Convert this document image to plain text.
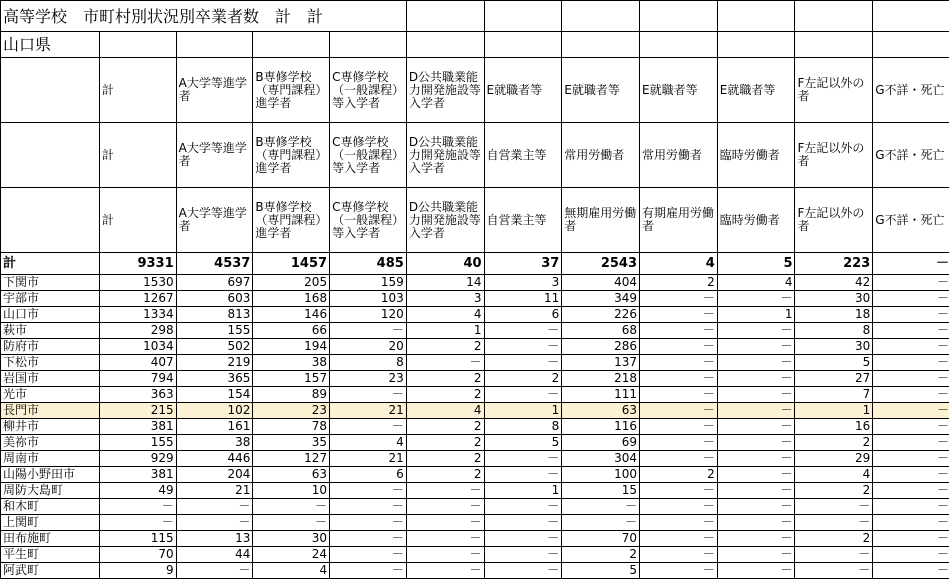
高等学校　市町村別状況別卒業者数　計　計											
山口県											
	計	A大学等進学者	B専修学校（専門課程）進学者	C専修学校（一般課程）等入学者	D公共職業能力開発施設等入学者	E就職者等	E就職者等	E就職者等	E就職者等	F左記以外の者	G不詳・死亡
	計	A大学等進学者	B専修学校（専門課程）進学者	C専修学校（一般課程）等入学者	D公共職業能力開発施設等入学者	自営業主等	常用労働者	常用労働者	臨時労働者	F左記以外の者	G不詳・死亡
	計	A大学等進学者	B専修学校（専門課程）進学者	C専修学校（一般課程）等入学者	D公共職業能力開発施設等入学者	自営業主等	無期雇用労働者	有期雇用労働者	臨時労働者	F左記以外の者	G不詳・死亡
計	9331	4537	1457	485	40	37	2543	4	5	223	－
下関市	1530	697	205	159	14	3	404	2	4	42	－
宇部市	1267	603	168	103	3	11	349	－	－	30	－
山口市	1334	813	146	120	4	6	226	－	1	18	－
萩市	298	155	66	－	1	－	68	－	－	8	－
防府市	1034	502	194	20	2	－	286	－	－	30	－
下松市	407	219	38	8	－	－	137	－	－	5	－
岩国市	794	365	157	23	2	2	218	－	－	27	－
光市	363	154	89	－	2	－	111	－	－	7	－
長門市	215	102	23	21	4	1	63	－	－	1	－
柳井市	381	161	78	－	2	8	116	－	－	16	－
美祢市	155	38	35	4	2	5	69	－	－	2	－
周南市	929	446	127	21	2	－	304	－	－	29	－
山陽小野田市	381	204	63	6	2	－	100	2	－	4	－
周防大島町	49	21	10	－	－	1	15	－	－	2	－
和木町	－	－	－	－	－	－	－	－	－	－	－
上関町	－	－	－	－	－	－	－	－	－	－	－
田布施町	115	13	30	－	－	－	70	－	－	2	－
平生町	70	44	24	－	－	－	2	－	－	－	－
阿武町	9	－	4	－	－	－	5	－	－	－	－
